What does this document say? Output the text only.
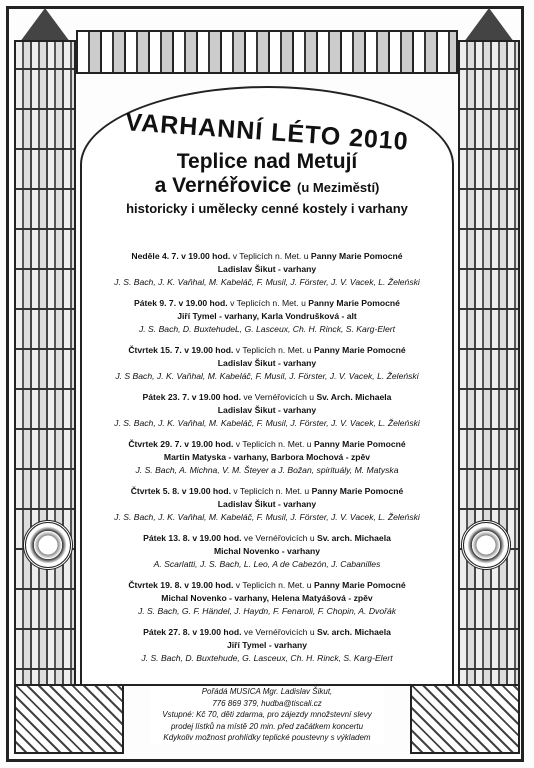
VARHANNÍ LÉTO 2010
Teplice nad Metují
a Vernéřovice (u Meziměstí)
historicky i umělecky cenné kostely i varhany
Neděle 4. 7. v 19.00 hod. v Teplicích n. Met. u Panny Marie Pomocné
Ladislav Šikut - varhany
J. S. Bach, J. K. Vaňhal, M. Kabeláč, F. Musil, J. Förster, J. V. Vacek, L. Želeński
Pátek 9. 7. v 19.00 hod. v Teplicích n. Met. u Panny Marie Pomocné
Jiří Tymel - varhany, Karla Vondrušková - alt
J. S. Bach, D. BuxtehudeL, G. Lasceux, Ch. H. Rinck, S. Karg-Elert
Čtvrtek 15. 7. v 19.00 hod. v Teplicích n. Met. u Panny Marie Pomocné
Ladislav Šikut - varhany
J. S Bach, J. K. Vaňhal, M. Kabeláč, F. Musil, J. Förster, J. V. Vacek, L. Želeński
Pátek 23. 7. v 19.00 hod. ve Vernéřovicích u Sv. Arch. Michaela
Ladislav Šikut - varhany
J. S. Bach, J. K. Vaňhal, M. Kabeláč, F. Musil, J. Förster, J. V. Vacek, L. Želeński
Čtvrtek 29. 7. v 19.00 hod. v Teplicích n. Met. u Panny Marie Pomocné
Martin Matyska - varhany, Barbora Mochová - zpěv
J. S. Bach, A. Michna, V. M. Šteyer a J. Božan, spirituály, M. Matyska
Čtvrtek 5. 8. v 19.00 hod. v Teplicích n. Met. u Panny Marie Pomocné
Ladislav Šikut - varhany
J. S. Bach, J. K. Vaňhal, M. Kabeláč, F. Musil, J. Förster, J. V. Vacek, L. Želeński
Pátek 13. 8. v 19.00 hod. ve Vernéřovicích u Sv. arch. Michaela
Michal Novenko - varhany
A. Scarlatti, J. S. Bach, L. Leo, A de Cabezón, J. Cabanilles
Čtvrtek 19. 8. v 19.00 hod. v Teplicích n. Met. u Panny Marie Pomocné
Michal Novenko - varhany, Helena Matyášová - zpěv
J. S. Bach, G. F. Händel, J. Haydn, F. Fenaroli, F. Chopin, A. Dvořák
Pátek 27. 8. v 19.00 hod. ve Vernéřovicích u Sv. arch. Michaela
Jiří Tymel - varhany
J. S. Bach, D. Buxtehude, G. Lasceux, Ch. H. Rinck, S. Karg-Elert
Pořádá MUSICA Mgr. Ladislav Šikut,
776 869 379, hudba@tiscali.cz
Vstupné: Kč 70, děti zdarma, pro zájezdy množstevní slevy
prodej lístků na místě 20 min. před začátkem koncertu
Kdykoliv možnost prohlídky teplické poustevny s výkladem
